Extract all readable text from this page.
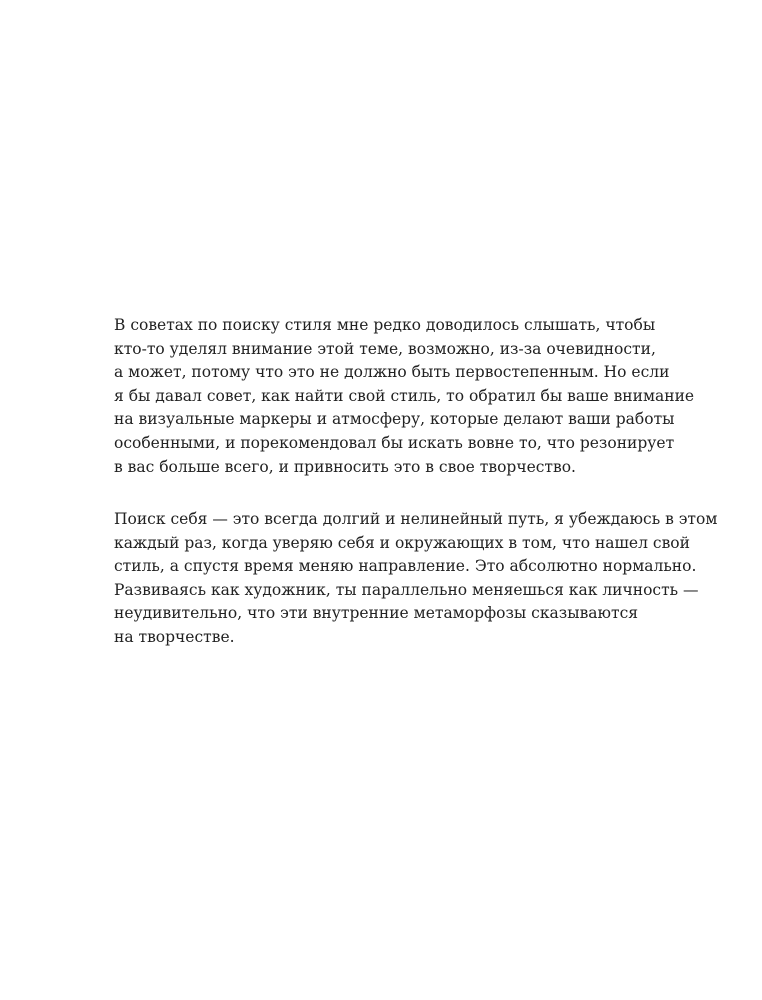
В советах по поиску стиля мне редко доводилось слышать, чтобы
кто-то уделял внимание этой теме, возможно, из-за очевидности,
а может, потому что это не должно быть первостепенным. Но если
я бы давал совет, как найти свой стиль, то обратил бы ваше внимание
на визуальные маркеры и атмосферу, которые делают ваши работы
особенными, и порекомендовал бы искать вовне то, что резонирует
в вас больше всего, и привносить это в свое творчество.
Поиск себя — это всегда долгий и нелинейный путь, я убеждаюсь в этом
каждый раз, когда уверяю себя и окружающих в том, что нашел свой
стиль, а спустя время меняю направление. Это абсолютно нормально.
Развиваясь как художник, ты параллельно меняешься как личность —
неудивительно, что эти внутренние метаморфозы сказываются
на творчестве.
